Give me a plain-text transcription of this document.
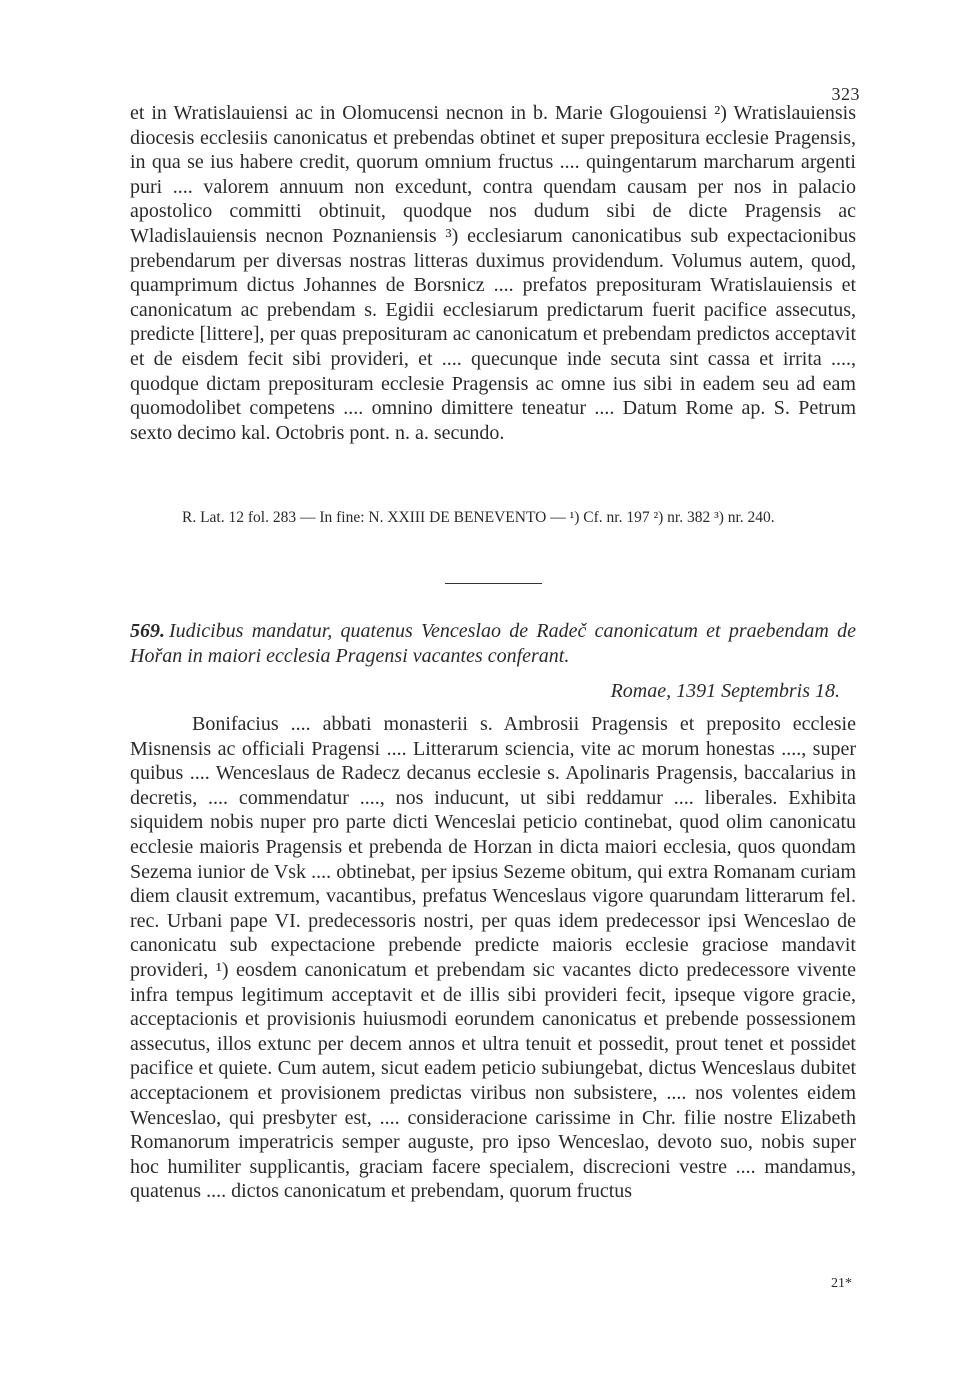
323

et in Wratislauiensi ac in Olomucensi necnon in b. Marie Glogouiensi ²) Wratislauiensis diocesis ecclesiis canonicatus et prebendas obtinet et super prepositura ecclesie Pragensis, in qua se ius habere credit, quorum omnium fructus .... quingentarum marcharum argenti puri .... valorem annuum non excedunt, contra quendam causam per nos in palacio apostolico committi obtinuit, quodque nos dudum sibi de dicte Pragensis ac Wladislauiensis necnon Poznaniensis ³) ecclesiarum canonicatibus sub expectacionibus prebendarum per diversas nostras litteras duximus providendum. Volumus autem, quod, quamprimum dictus Johannes de Borsnicz .... prefatos preposituram Wratislauiensis et canonicatum ac prebendam s. Egidii ecclesiarum predictarum fuerit pacifice assecutus, predicte [littere], per quas preposituram ac canonicatum et prebendam predictos acceptavit et de eisdem fecit sibi provideri, et .... quecunque inde secuta sint cassa et irrita ...., quodque dictam preposituram ecclesie Pragensis ac omne ius sibi in eadem seu ad eam quomodolibet competens .... omnino dimittere teneatur .... Datum Rome ap. S. Petrum sexto decimo kal. Octobris pont. n. a. secundo.

R. Lat. 12 fol. 283 — In fine: N. XXIII DE BENEVENTO — ¹) Cf. nr. 197 ²) nr. 382 ³) nr. 240.

569. Iudicibus mandatur, quatenus Venceslao de Radeč canonicatum et praebendam de Hořan in maiori ecclesia Pragensi vacantes conferant.

Romae, 1391 Septembris 18.

Bonifacius .... abbati monasterii s. Ambrosii Pragensis et preposito ecclesie Misnensis ac officiali Pragensi .... Litterarum sciencia, vite ac morum honestas ...., super quibus .... Wenceslaus de Radecz decanus ecclesie s. Apolinaris Pragensis, baccalarius in decretis, .... commendatur ...., nos inducunt, ut sibi reddamur .... liberales. Exhibita siquidem nobis nuper pro parte dicti Wenceslai peticio continebat, quod olim canonicatu ecclesie maioris Pragensis et prebenda de Horzan in dicta maiori ecclesia, quos quondam Sezema iunior de Vsk .... obtinebat, per ipsius Sezeme obitum, qui extra Romanam curiam diem clausit extremum, vacantibus, prefatus Wenceslaus vigore quarundam litterarum fel. rec. Urbani pape VI. predecessoris nostri, per quas idem predecessor ipsi Wenceslao de canonicatu sub expectacione prebende predicte maioris ecclesie graciose mandavit provideri, ¹) eosdem canonicatum et prebendam sic vacantes dicto predecessore vivente infra tempus legitimum acceptavit et de illis sibi provideri fecit, ipseque vigore gracie, acceptacionis et provisionis huiusmodi eorundem canonicatus et prebende possessionem assecutus, illos extunc per decem annos et ultra tenuit et possedit, prout tenet et possidet pacifice et quiete. Cum autem, sicut eadem peticio subiungebat, dictus Wenceslaus dubitet acceptacionem et provisionem predictas viribus non subsistere, .... nos volentes eidem Wenceslao, qui presbyter est, .... consideracione carissime in Chr. filie nostre Elizabeth Romanorum imperatricis semper auguste, pro ipso Wenceslao, devoto suo, nobis super hoc humiliter supplicantis, graciam facere specialem, discrecioni vestre .... mandamus, quatenus .... dictos canonicatum et prebendam, quorum fructus

21*
